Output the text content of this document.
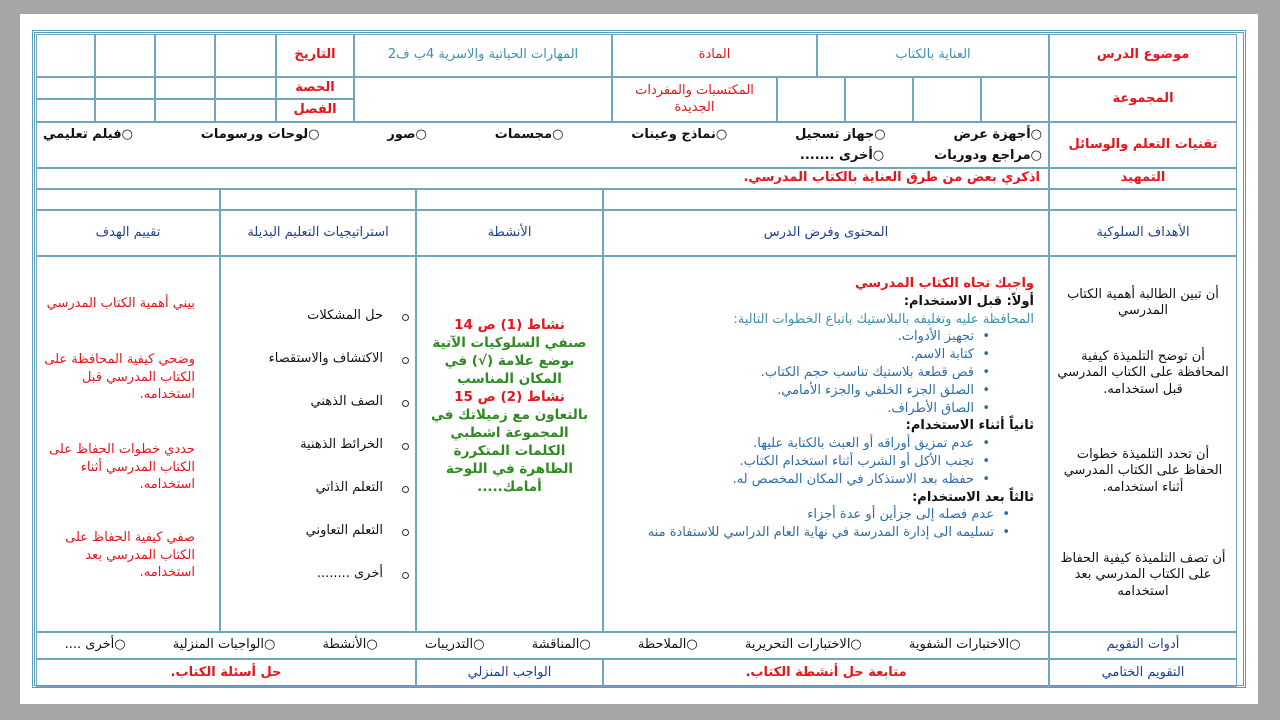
موضوع الدرس
العناية بالكتاب
المادة
المهارات الحياتية والاسرية 4ب ف2
التاريخ
المجموعة
المكتسبات والمفردات الجديدة
الحصة
الفصل
تقنيات التعلم والوسائل
○أجهزة عرض
○جهاز تسجيل
○نماذج وعينات
○مجسمات
○صور
○لوحات ورسومات
○فيلم تعليمي
○مراجع ودوريات
○أخرى .......
التمهيد
اذكري بعض من طرق العناية بالكتاب المدرسي.
الأهداف السلوكية
المحتوى وفرض الدرس
الأنشطة
استراتيجيات التعليم البديلة
تقييم الهدف
أن تبين الطالبة أهمية الكتاب المدرسي
أن توضح التلميذة كيفية المحافظة على الكتاب المدرسي قبل استخدامه.
أن تحدد التلميذة خطوات الحفاظ على الكتاب المدرسي أثناء استخدامه.
أن تصف التلميذة كيفية الحفاظ على الكتاب المدرسي بعد استخدامه
واجبك تجاه الكتاب المدرسي
أولاً: قبل الاستخدام:
المحافظة عليه وتغليفه بالبلاستيك باتباع الخطوات التالية:
• تجهيز الأدوات.
• كتابة الاسم.
• قص قطعة بلاستيك تناسب حجم الكتاب.
• الصلق الجزء الخلفي والجزء الأمامي.
• الصاق الأطراف.
ثانياً أثناء الاستخدام:
• عدم تمزيق أوراقه أو العبث بالكتابة عليها.
• تجنب الأكل أو الشرب أثناء استخدام الكتاب.
• حفظه بعد الاستذكار في المكان المخصص له.
ثالثاً بعد الاستخدام:
• عدم فصله إلى جزأين أو عدة أجزاء
• تسليمه الى إدارة المدرسة في نهاية العام الدراسي للاستفادة منه
نشاط (1) ص 14
صنفي السلوكيات الآتية بوضع علامة (√) في المكان المناسب
نشاط (2) ص 15
بالتعاون مع زميلاتك في المجموعة اشطبي الكلمات المتكررة الظاهرة في اللوحة أمامك.....
حل المشكلات
الاكتشاف والاستقصاء
الصف الذهني
الخرائط الذهنية
التعلم الذاتي
التعلم التعاوني
أخرى ........
بيني أهمية الكتاب المدرسي
وضحي كيفية المحافظة على الكتاب المدرسي قبل استخدامه.
حددي خطوات الحفاظ على الكتاب المدرسي أثناء استخدامه.
صفي كيفية الحفاظ على الكتاب المدرسي بعد استخدامه.
أدوات التقويم
○الاختبارات الشفوية
○الاختبارات التحريرية
○الملاحظة
○المناقشة
○التدريبات
○الأنشطة
○الواجبات المنزلية
○أخرى ....
التقويم الختامي
متابعة حل أنشطة الكتاب.
الواجب المنزلي
حل أسئلة الكتاب.
